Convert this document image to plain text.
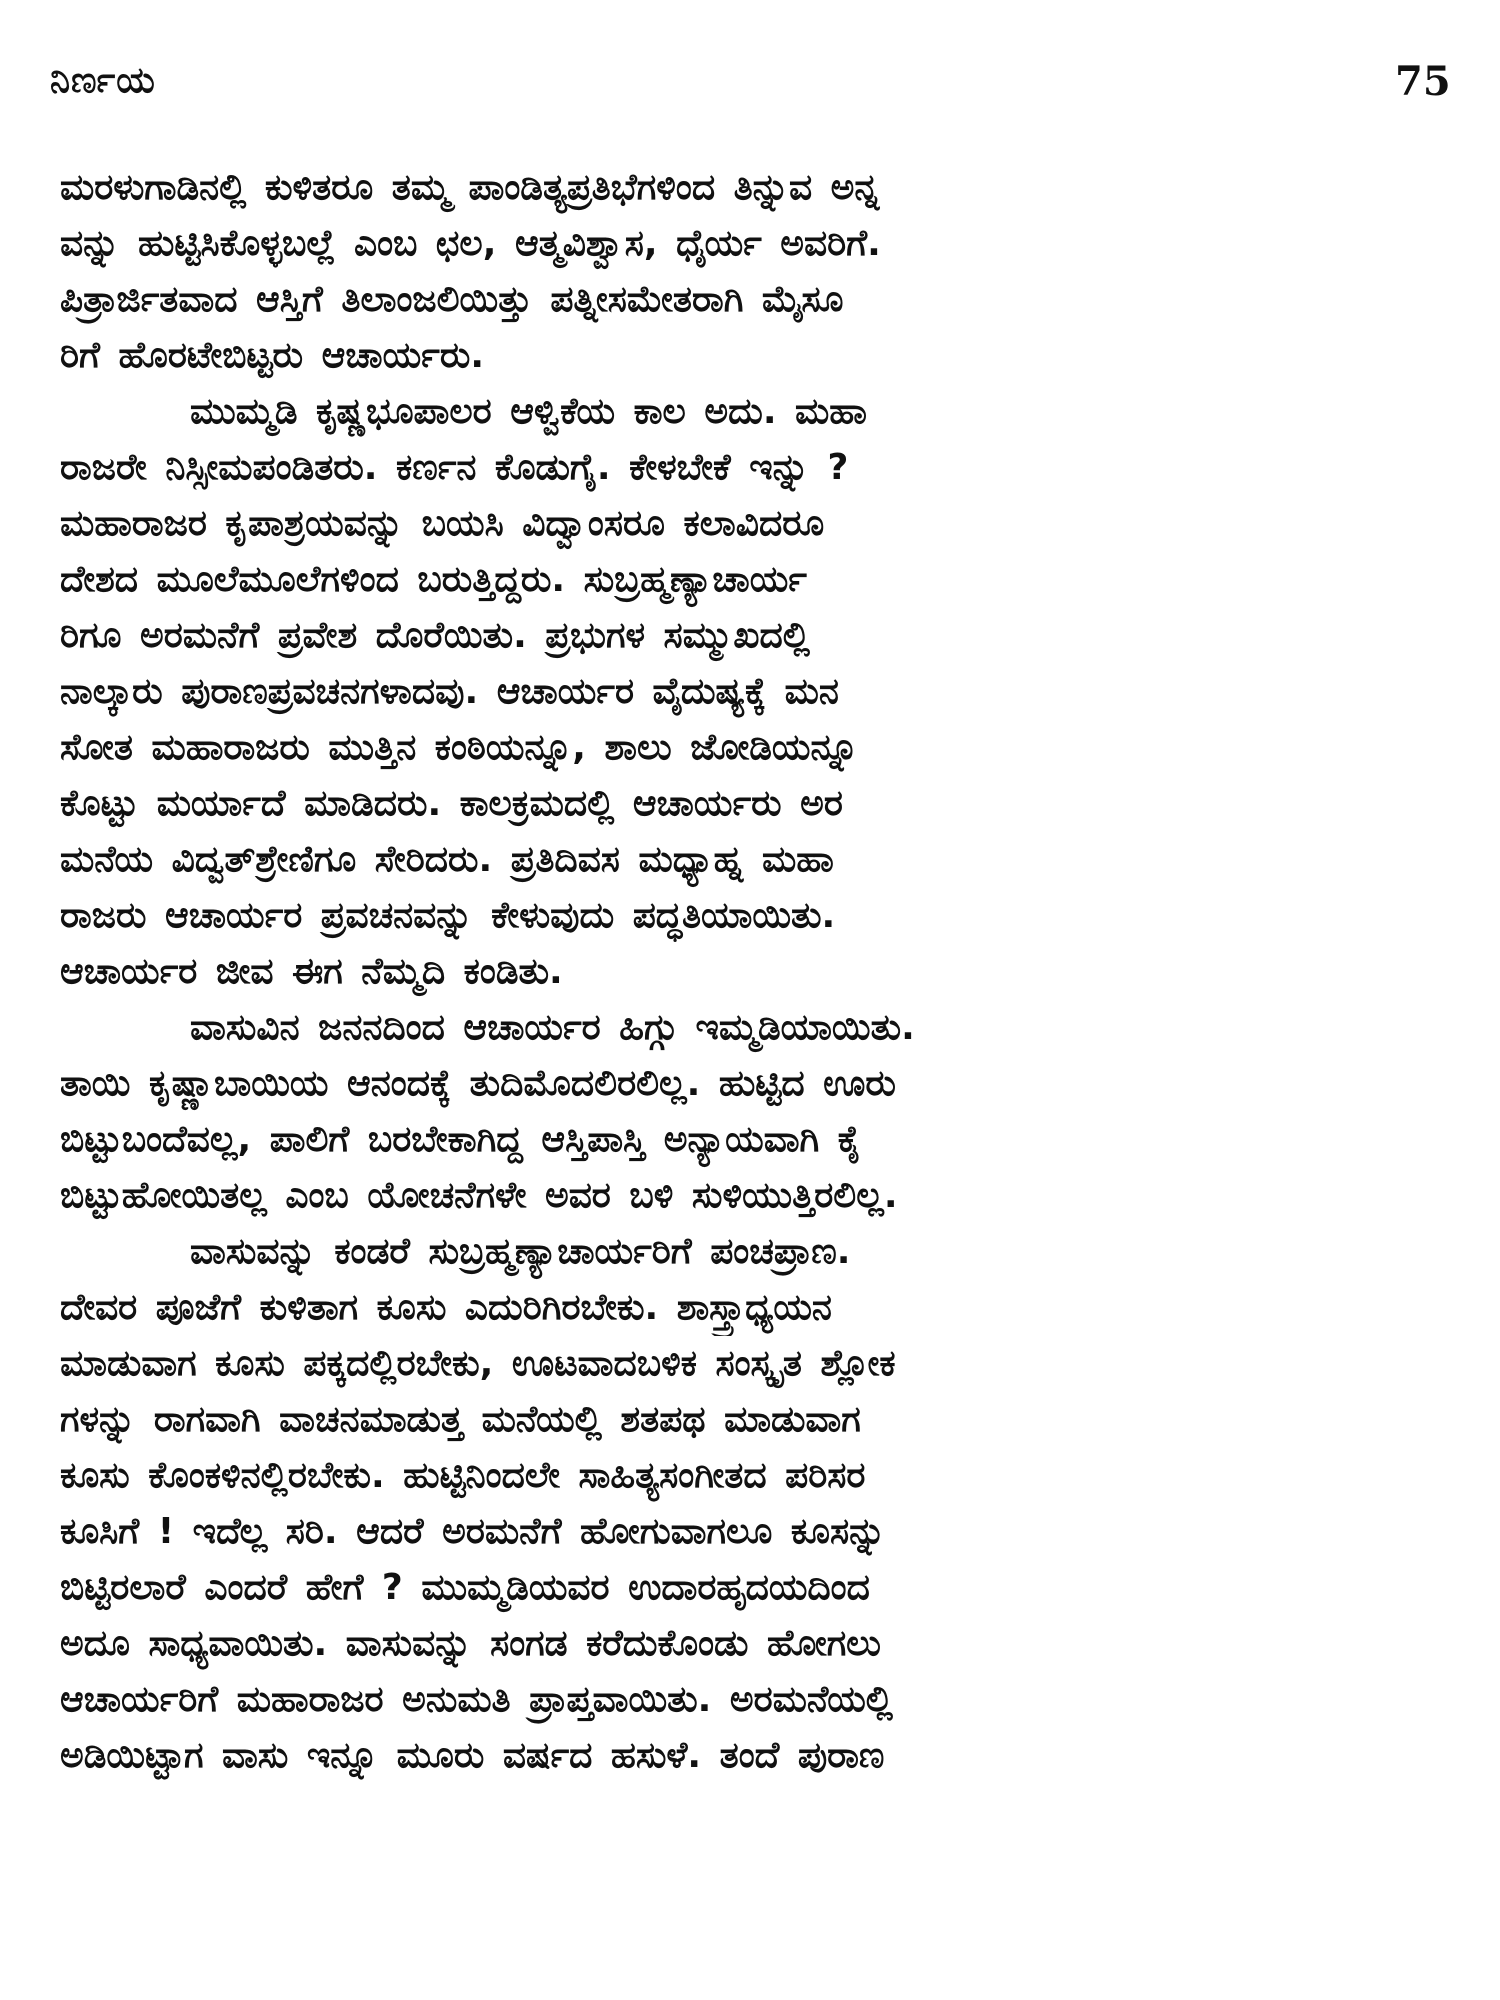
ನಿರ್ಣಯ	75
ಮರಳುಗಾಡಿನಲ್ಲಿ ಕುಳಿತರೂ ತಮ್ಮ ಪಾಂಡಿತ್ಯಪ್ರತಿಭೆಗಳಿಂದ ತಿನ್ನುವ ಅನ್ನ
ವನ್ನು ಹುಟ್ಟಿಸಿಕೊಳ್ಳಬಲ್ಲೆ ಎಂಬ ಛಲ, ಆತ್ಮವಿಶ್ವಾಸ, ಧೈರ್ಯ ಅವರಿಗೆ.
ಪಿತ್ರಾರ್ಜಿತವಾದ ಆಸ್ತಿಗೆ ತಿಲಾಂಜಲಿಯಿತ್ತು ಪತ್ನೀಸಮೇತರಾಗಿ ಮೈಸೂ
ರಿಗೆ ಹೊರಟೇಬಿಟ್ಟರು ಆಚಾರ್ಯರು.
ಮುಮ್ಮಡಿ ಕೃಷ್ಣಭೂಪಾಲರ ಆಳ್ವಿಕೆಯ ಕಾಲ ಅದು. ಮಹಾ
ರಾಜರೇ ನಿಸ್ಸೀಮಪಂಡಿತರು. ಕರ್ಣನ ಕೊಡುಗೈ. ಕೇಳಬೇಕೆ ಇನ್ನು ?
ಮಹಾರಾಜರ ಕೃಪಾಶ್ರಯವನ್ನು ಬಯಸಿ ವಿದ್ವಾಂಸರೂ ಕಲಾವಿದರೂ
ದೇಶದ ಮೂಲೆಮೂಲೆಗಳಿಂದ ಬರುತ್ತಿದ್ದರು. ಸುಬ್ರಹ್ಮಣ್ಯಾಚಾರ್ಯ
ರಿಗೂ ಅರಮನೆಗೆ ಪ್ರವೇಶ ದೊರೆಯಿತು. ಪ್ರಭುಗಳ ಸಮ್ಮುಖದಲ್ಲಿ
ನಾಲ್ಕಾರು ಪುರಾಣಪ್ರವಚನಗಳಾದವು. ಆಚಾರ್ಯರ ವೈದುಷ್ಯಕ್ಕೆ ಮನ
ಸೋತ ಮಹಾರಾಜರು ಮುತ್ತಿನ ಕಂಠಿಯನ್ನೂ, ಶಾಲು ಜೋಡಿಯನ್ನೂ
ಕೊಟ್ಟು ಮರ್ಯಾದೆ ಮಾಡಿದರು. ಕಾಲಕ್ರಮದಲ್ಲಿ ಆಚಾರ್ಯರು ಅರ
ಮನೆಯ ವಿದ್ವತ್‌ಶ್ರೇಣಿಗೂ ಸೇರಿದರು. ಪ್ರತಿದಿವಸ ಮಧ್ಯಾಹ್ನ ಮಹಾ
ರಾಜರು ಆಚಾರ್ಯರ ಪ್ರವಚನವನ್ನು ಕೇಳುವುದು ಪದ್ಧತಿಯಾಯಿತು.
ಆಚಾರ್ಯರ ಜೀವ ಈಗ ನೆಮ್ಮದಿ ಕಂಡಿತು.
ವಾಸುವಿನ ಜನನದಿಂದ ಆಚಾರ್ಯರ ಹಿಗ್ಗು ಇಮ್ಮಡಿಯಾಯಿತು.
ತಾಯಿ ಕೃಷ್ಣಾಬಾಯಿಯ ಆನಂದಕ್ಕೆ ತುದಿಮೊದಲಿರಲಿಲ್ಲ. ಹುಟ್ಟಿದ ಊರು
ಬಿಟ್ಟುಬಂದೆವಲ್ಲ, ಪಾಲಿಗೆ ಬರಬೇಕಾಗಿದ್ದ ಆಸ್ತಿಪಾಸ್ತಿ ಅನ್ಯಾಯವಾಗಿ ಕೈ
ಬಿಟ್ಟುಹೋಯಿತಲ್ಲ ಎಂಬ ಯೋಚನೆಗಳೇ ಅವರ ಬಳಿ ಸುಳಿಯುತ್ತಿರಲಿಲ್ಲ.
ವಾಸುವನ್ನು ಕಂಡರೆ ಸುಬ್ರಹ್ಮಣ್ಯಾಚಾರ್ಯರಿಗೆ ಪಂಚಪ್ರಾಣ.
ದೇವರ ಪೂಜೆಗೆ ಕುಳಿತಾಗ ಕೂಸು ಎದುರಿಗಿರಬೇಕು. ಶಾಸ್ತ್ರಾಧ್ಯಯನ
ಮಾಡುವಾಗ ಕೂಸು ಪಕ್ಕದಲ್ಲಿರಬೇಕು, ಊಟವಾದಬಳಿಕ ಸಂಸ್ಕೃತ ಶ್ಲೋಕ
ಗಳನ್ನು ರಾಗವಾಗಿ ವಾಚನಮಾಡುತ್ತ ಮನೆಯಲ್ಲಿ ಶತಪಥ ಮಾಡುವಾಗ
ಕೂಸು ಕೊಂಕಳಿನಲ್ಲಿರಬೇಕು. ಹುಟ್ಟಿನಿಂದಲೇ ಸಾಹಿತ್ಯಸಂಗೀತದ ಪರಿಸರ
ಕೂಸಿಗೆ ! ಇದೆಲ್ಲ ಸರಿ. ಆದರೆ ಅರಮನೆಗೆ ಹೋಗುವಾಗಲೂ ಕೂಸನ್ನು
ಬಿಟ್ಟಿರಲಾರೆ ಎಂದರೆ ಹೇಗೆ ? ಮುಮ್ಮಡಿಯವರ ಉದಾರಹೃದಯದಿಂದ
ಅದೂ ಸಾಧ್ಯವಾಯಿತು. ವಾಸುವನ್ನು ಸಂಗಡ ಕರೆದುಕೊಂಡು ಹೋಗಲು
ಆಚಾರ್ಯರಿಗೆ ಮಹಾರಾಜರ ಅನುಮತಿ ಪ್ರಾಪ್ತವಾಯಿತು. ಅರಮನೆಯಲ್ಲಿ
ಅಡಿಯಿಟ್ಟಾಗ ವಾಸು ಇನ್ನೂ ಮೂರು ವರ್ಷದ ಹಸುಳೆ. ತಂದೆ ಪುರಾಣ
